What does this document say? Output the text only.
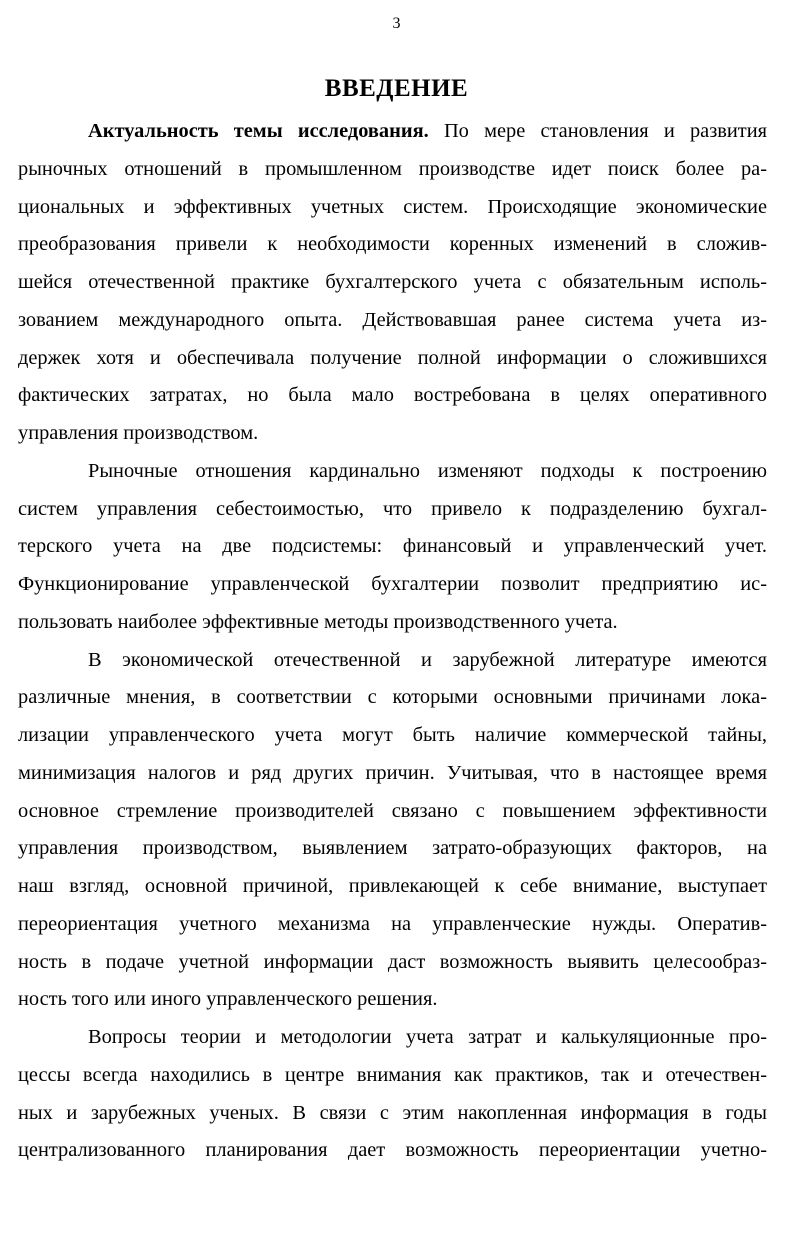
3
ВВЕДЕНИЕ

Актуальность темы исследования. По мере становления и развития
рыночных отношений в промышленном производстве идет поиск более ра-
циональных и эффективных учетных систем. Происходящие экономические
преобразования привели к необходимости коренных изменений в сложив-
шейся отечественной практике бухгалтерского учета с обязательным исполь-
зованием международного опыта. Действовавшая ранее система учета из-
держек хотя и обеспечивала получение полной информации о сложившихся
фактических затратах, но была мало востребована в целях оперативного
управления производством.

Рыночные отношения кардинально изменяют подходы к построению
систем управления себестоимостью, что привело к подразделению бухгал-
терского учета на две подсистемы: финансовый и управленческий учет.
Функционирование управленческой бухгалтерии позволит предприятию ис-
пользовать наиболее эффективные методы производственного учета.

В экономической отечественной и зарубежной литературе имеются
различные мнения, в соответствии с которыми основными причинами лока-
лизации управленческого учета могут быть наличие коммерческой тайны,
минимизация налогов и ряд других причин. Учитывая, что в настоящее время
основное стремление производителей связано с повышением эффективности
управления производством, выявлением затрато-образующих факторов, на
наш взгляд, основной причиной, привлекающей к себе внимание, выступает
переориентация учетного механизма на управленческие нужды. Оператив-
ность в подаче учетной информации даст возможность выявить целесообраз-
ность того или иного управленческого решения.

Вопросы теории и методологии учета затрат и калькуляционные про-
цессы всегда находились в центре внимания как практиков, так и отечествен-
ных и зарубежных ученых. В связи с этим накопленная информация в годы
централизованного планирования дает возможность переориентации учетно-
